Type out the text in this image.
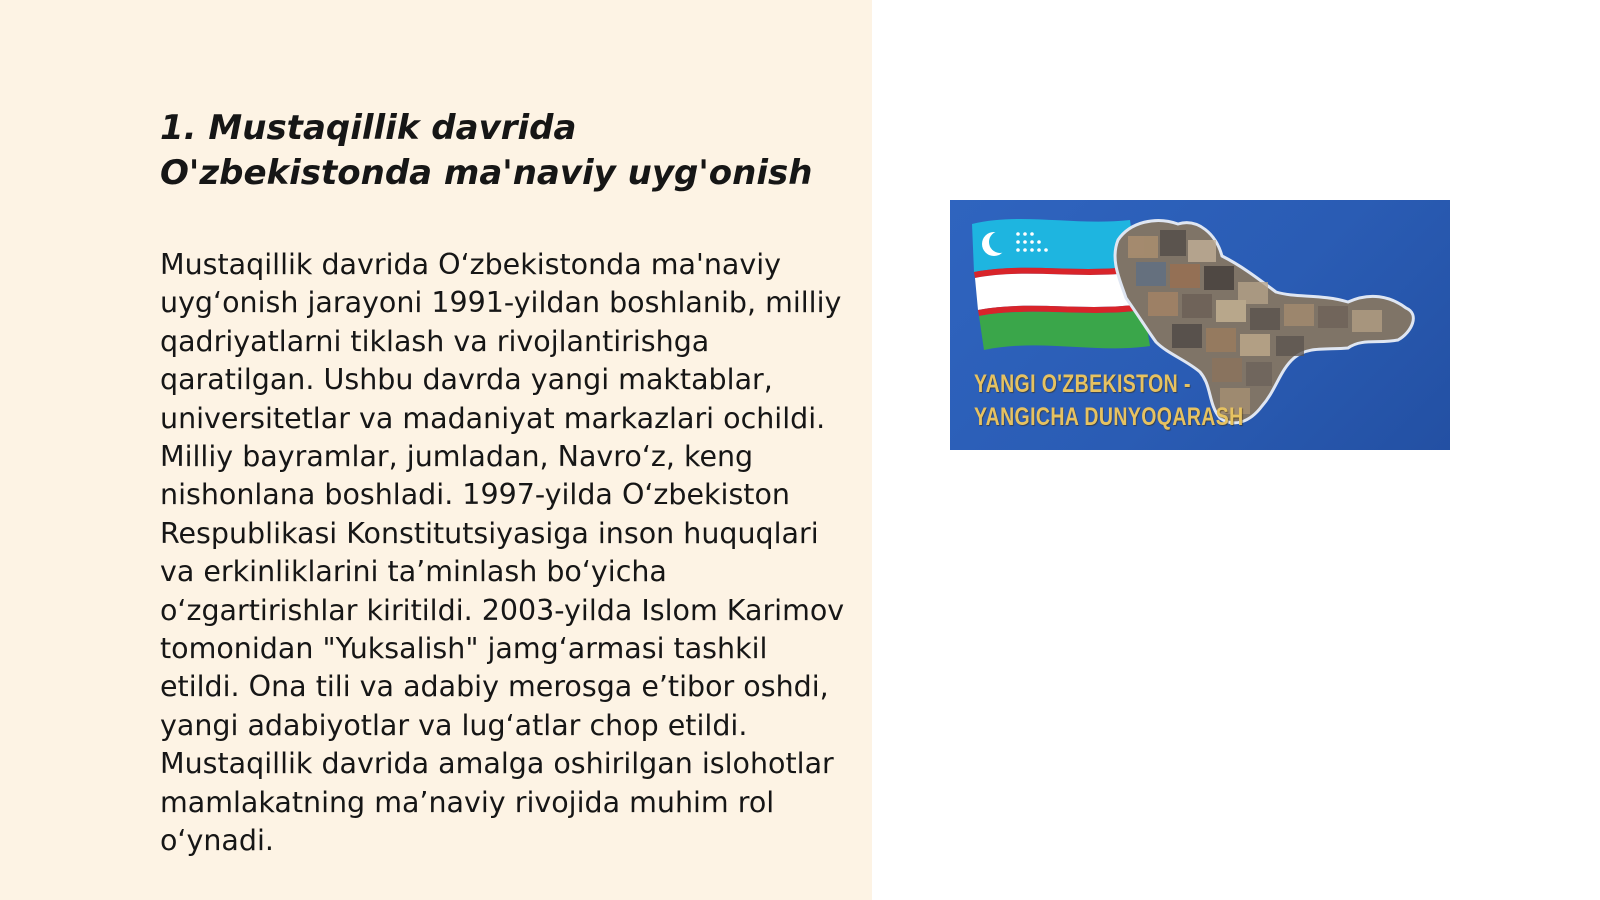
1. Mustaqillik davrida O'zbekistonda ma'naviy uyg'onish

Mustaqillik davrida O‘zbekistonda ma'naviy uyg‘onish jarayoni 1991-yildan boshlanib, milliy qadriyatlarni tiklash va rivojlantirishga qaratilgan. Ushbu davrda yangi maktablar, universitetlar va madaniyat markazlari ochildi. Milliy bayramlar, jumladan, Navro‘z, keng nishonlana boshladi. 1997-yilda O‘zbekiston Respublikasi Konstitutsiyasiga inson huquqlari va erkinliklarini ta’minlash bo‘yicha o‘zgartirishlar kiritildi. 2003-yilda Islom Karimov tomonidan "Yuksalish" jamg‘armasi tashkil etildi. Ona tili va adabiy merosga e’tibor oshdi, yangi adabiyotlar va lug‘atlar chop etildi. Mustaqillik davrida amalga oshirilgan islohotlar mamlakatning ma’naviy rivojida muhim rol o‘ynadi.

YANGI O'ZBEKISTON -
YANGICHA DUNYOQARASH
